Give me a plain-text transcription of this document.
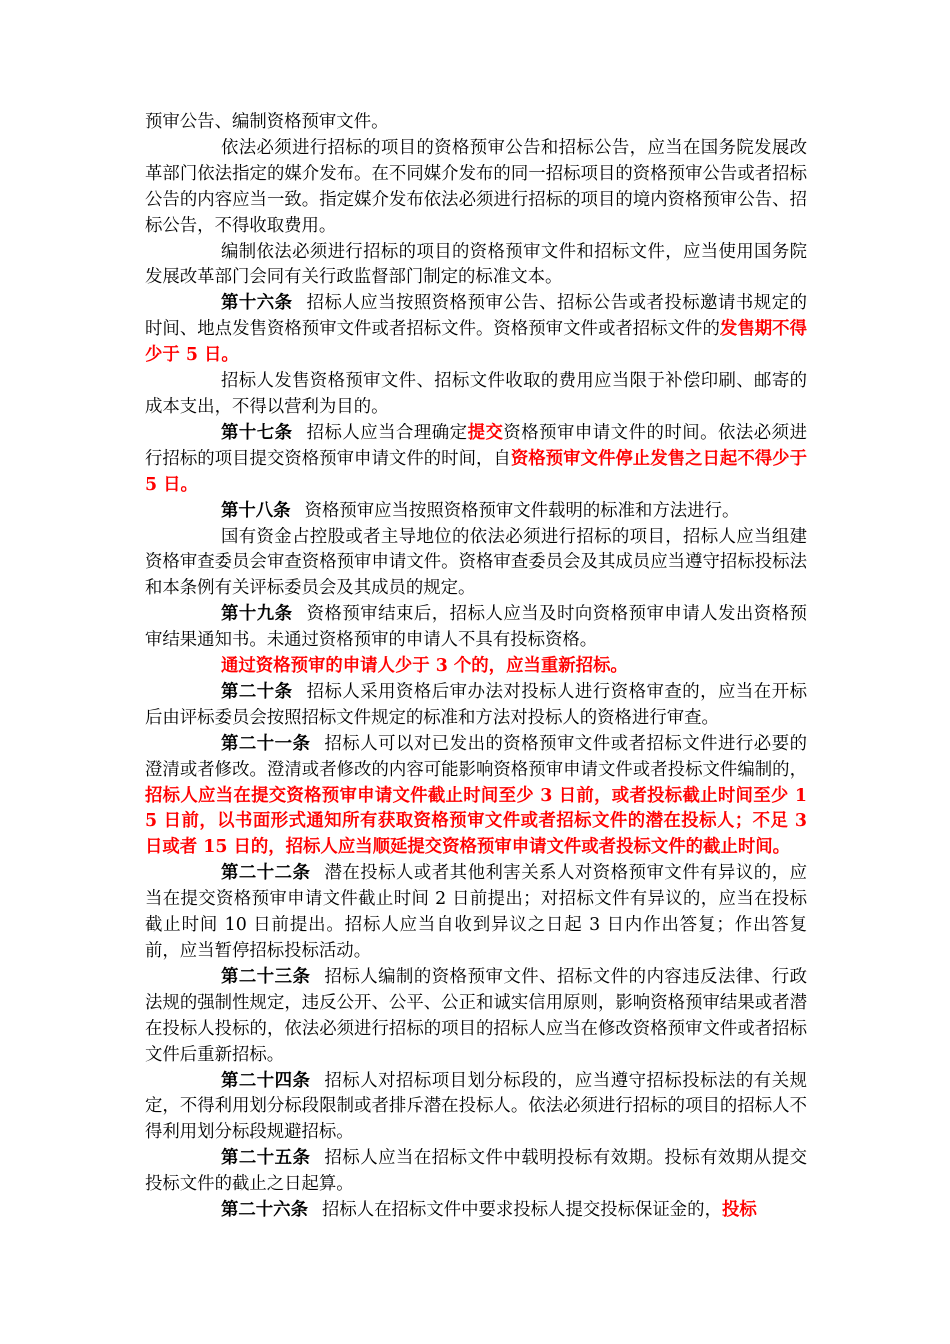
预审公告、编制资格预审文件。

依法必须进行招标的项目的资格预审公告和招标公告，应当在国务院发展改革部门依法指定的媒介发布。在不同媒介发布的同一招标项目的资格预审公告或者招标公告的内容应当一致。指定媒介发布依法必须进行招标的项目的境内资格预审公告、招标公告，不得收取费用。

编制依法必须进行招标的项目的资格预审文件和招标文件，应当使用国务院发展改革部门会同有关行政监督部门制定的标准文本。

第十六条 招标人应当按照资格预审公告、招标公告或者投标邀请书规定的时间、地点发售资格预审文件或者招标文件。资格预审文件或者招标文件的发售期不得少于 5 日。

招标人发售资格预审文件、招标文件收取的费用应当限于补偿印刷、邮寄的成本支出，不得以营利为目的。

第十七条 招标人应当合理确定提交资格预审申请文件的时间。依法必须进行招标的项目提交资格预审申请文件的时间，自资格预审文件停止发售之日起不得少于 5 日。

第十八条 资格预审应当按照资格预审文件载明的标准和方法进行。

国有资金占控股或者主导地位的依法必须进行招标的项目，招标人应当组建资格审查委员会审查资格预审申请文件。资格审查委员会及其成员应当遵守招标投标法和本条例有关评标委员会及其成员的规定。

第十九条 资格预审结束后，招标人应当及时向资格预审申请人发出资格预审结果通知书。未通过资格预审的申请人不具有投标资格。

通过资格预审的申请人少于 3 个的，应当重新招标。

第二十条 招标人采用资格后审办法对投标人进行资格审查的，应当在开标后由评标委员会按照招标文件规定的标准和方法对投标人的资格进行审查。

第二十一条 招标人可以对已发出的资格预审文件或者招标文件进行必要的澄清或者修改。澄清或者修改的内容可能影响资格预审申请文件或者投标文件编制的，招标人应当在提交资格预审申请文件截止时间至少 3 日前，或者投标截止时间至少 15 日前，以书面形式通知所有获取资格预审文件或者招标文件的潜在投标人；不足 3 日或者 15 日的，招标人应当顺延提交资格预审申请文件或者投标文件的截止时间。

第二十二条 潜在投标人或者其他利害关系人对资格预审文件有异议的，应当在提交资格预审申请文件截止时间 2 日前提出；对招标文件有异议的，应当在投标截止时间 10 日前提出。招标人应当自收到异议之日起 3 日内作出答复；作出答复前，应当暂停招标投标活动。

第二十三条 招标人编制的资格预审文件、招标文件的内容违反法律、行政法规的强制性规定，违反公开、公平、公正和诚实信用原则，影响资格预审结果或者潜在投标人投标的，依法必须进行招标的项目的招标人应当在修改资格预审文件或者招标文件后重新招标。

第二十四条 招标人对招标项目划分标段的，应当遵守招标投标法的有关规定，不得利用划分标段限制或者排斥潜在投标人。依法必须进行招标的项目的招标人不得利用划分标段规避招标。

第二十五条 招标人应当在招标文件中载明投标有效期。投标有效期从提交投标文件的截止之日起算。

第二十六条 招标人在招标文件中要求投标人提交投标保证金的，投标
